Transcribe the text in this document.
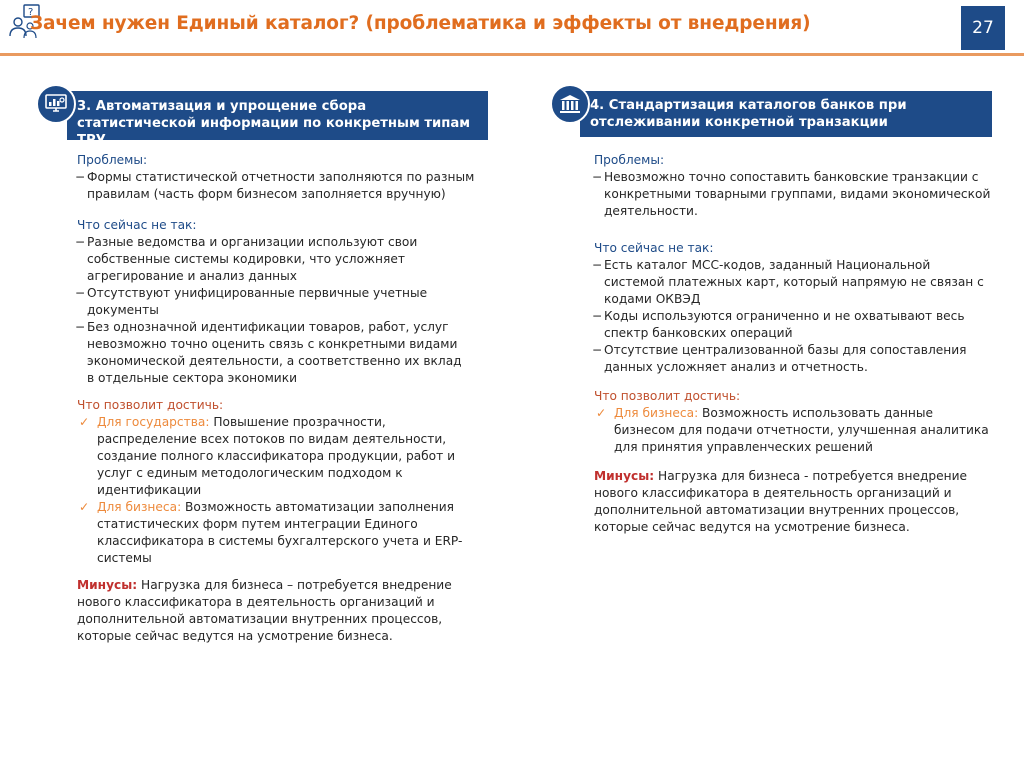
?
Зачем нужен Единый каталог? (проблематика и эффекты от внедрения)	27
3. Автоматизация и упрощение сбора статистической информации по конкретным типам ТРУ
4. Стандартизация каталогов банков при отслеживании конкретной транзакции
Проблемы:
− Формы статистической отчетности заполняются по разным правилам (часть форм бизнесом заполняется вручную)
Что сейчас не так:
− Разные ведомства и организации используют свои собственные системы кодировки, что усложняет агрегирование и анализ данных
− Отсутствуют унифицированные первичные учетные документы
− Без однозначной идентификации товаров, работ, услуг невозможно точно оценить связь с конкретными видами экономической деятельности, а соответственно их вклад
в отдельные сектора экономики
Что позволит достичь:
✓ Для государства: Повышение прозрачности, распределение всех потоков по видам деятельности, создание полного классификатора продукции, работ и услуг с единым методологическим подходом к идентификации
✓ Для бизнеса: Возможность автоматизации заполнения статистических форм путем интеграции Единого классификатора в системы бухгалтерского учета и ERP-системы
Минусы: Нагрузка для бизнеса – потребуется внедрение нового классификатора в деятельность организаций и дополнительной автоматизации внутренних процессов, которые сейчас ведутся на усмотрение бизнеса.
Проблемы:
− Невозможно точно сопоставить банковские транзакции с конкретными товарными группами, видами экономической деятельности.
Что сейчас не так:
− Есть каталог МСС-кодов, заданный Национальной системой платежных карт, который напрямую не связан с кодами ОКВЭД
− Коды используются ограниченно и не охватывают весь спектр банковских операций
− Отсутствие централизованной базы для сопоставления данных усложняет анализ и отчетность.
Что позволит достичь:
✓ Для бизнеса: Возможность использовать данные бизнесом для подачи отчетности, улучшенная аналитика для принятия управленческих решений
Минусы: Нагрузка для бизнеса - потребуется внедрение нового классификатора в деятельность организаций и дополнительной автоматизации внутренних процессов, которые сейчас ведутся на усмотрение бизнеса.
